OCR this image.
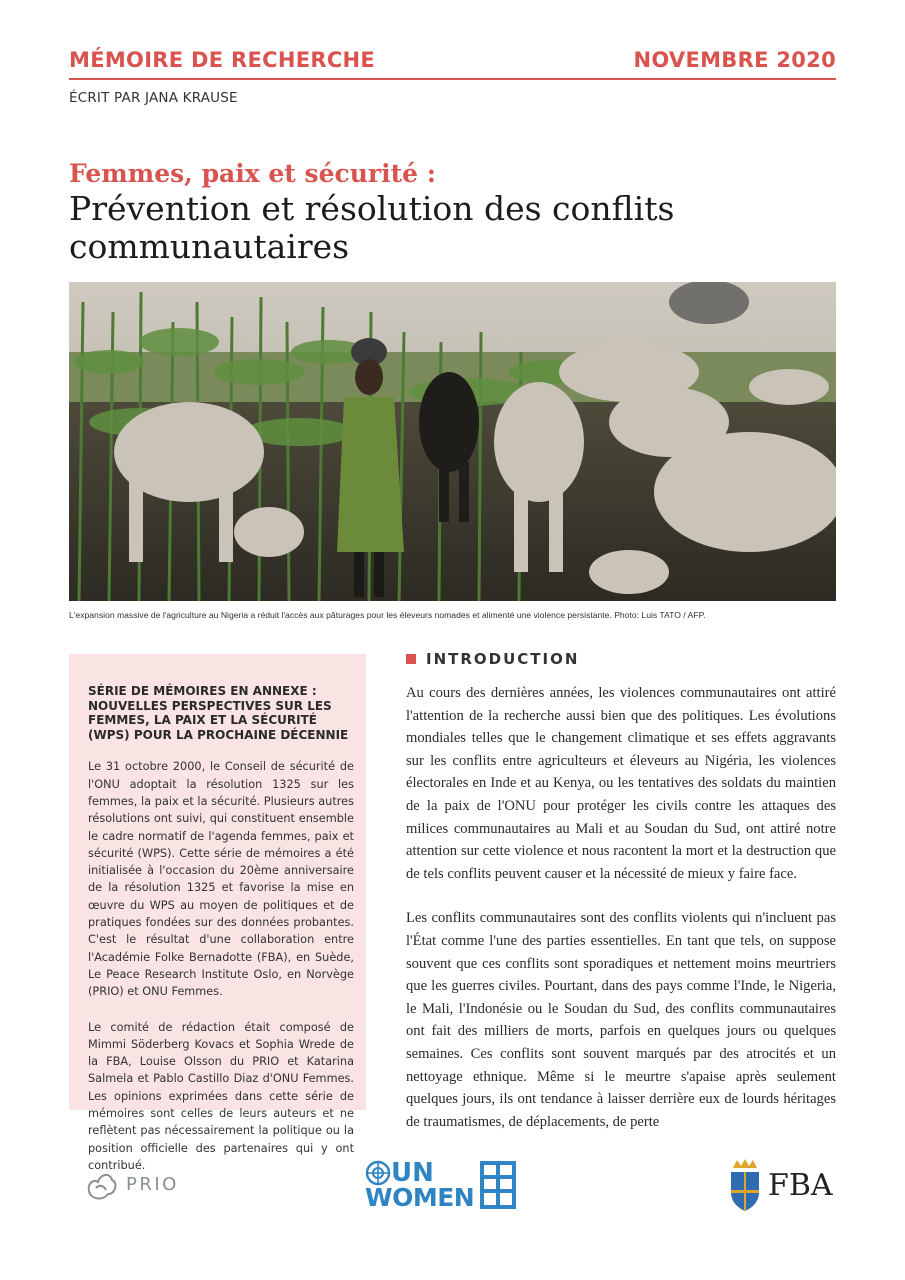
MÉMOIRE DE RECHERCHE	NOVEMBRE 2020
ÉCRIT PAR JANA KRAUSE
Femmes, paix et sécurité :
Prévention et résolution des conflits communautaires
L'expansion massive de l'agriculture au Nigeria a réduit l'accès aux pâturages pour les éleveurs nomades et alimenté une violence persistante. Photo: Luis TATO / AFP.
SÉRIE DE MÉMOIRES EN ANNEXE : NOUVELLES PERSPECTIVES SUR LES FEMMES, LA PAIX ET LA SÉCURITÉ (WPS) POUR LA PROCHAINE DÉCENNIE

Le 31 octobre 2000, le Conseil de sécurité de l'ONU adoptait la résolution 1325 sur les femmes, la paix et la sécurité. Plusieurs autres résolutions ont suivi, qui constituent ensemble le cadre normatif de l'agenda femmes, paix et sécurité (WPS). Cette série de mémoires a été initialisée à l'occasion du 20ème anniversaire de la résolution 1325 et favorise la mise en œuvre du WPS au moyen de politiques et de pratiques fondées sur des données probantes. C'est le résultat d'une collaboration entre l'Académie Folke Bernadotte (FBA), en Suède, Le Peace Research Institute Oslo, en Norvège (PRIO) et ONU Femmes.

Le comité de rédaction était composé de Mimmi Söderberg Kovacs et Sophia Wrede de la FBA, Louise Olsson du PRIO et Katarina Salmela et Pablo Castillo Diaz d'ONU Femmes. Les opinions exprimées dans cette série de mémoires sont celles de leurs auteurs et ne reflètent pas nécessairement la politique ou la position officielle des partenaires qui y ont contribué.

INTRODUCTION

Au cours des dernières années, les violences communautaires ont attiré l'attention de la recherche aussi bien que des politiques. Les évolutions mondiales telles que le changement climatique et ses effets aggravants sur les conflits entre agriculteurs et éleveurs au Nigéria, les violences électorales en Inde et au Kenya, ou les tentatives des soldats du maintien de la paix de l'ONU pour protéger les civils contre les attaques des milices communautaires au Mali et au Soudan du Sud, ont attiré notre attention sur cette violence et nous racontent la mort et la destruction que de tels conflits peuvent causer et la nécessité de mieux y faire face.

Les conflits communautaires sont des conflits violents qui n'incluent pas l'État comme l'une des parties essentielles. En tant que tels, on suppose souvent que ces conflits sont sporadiques et nettement moins meurtriers que les guerres civiles. Pourtant, dans des pays comme l'Inde, le Nigeria, le Mali, l'Indonésie ou le Soudan du Sud, des conflits communautaires ont fait des milliers de morts, parfois en quelques jours ou quelques semaines. Ces conflits sont souvent marqués par des atrocités et un nettoyage ethnique. Même si le meurtre s'apaise après seulement quelques jours, ils ont tendance à laisser derrière eux de lourds héritages de traumatismes, de déplacements, de perte

PRIO	UN
WOMEN	FBA
